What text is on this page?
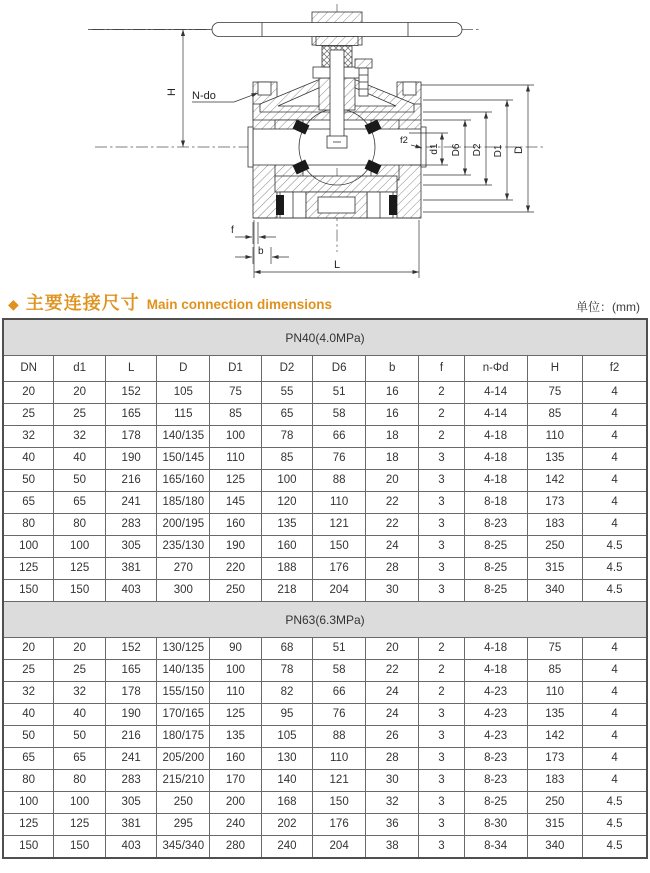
H N-do
f2
d1 D6 D2 D1 D
f
b
L
◆ 主要连接尺寸 Main connection dimensions	单位：(mm)
PN40(4.0MPa)											
DN	d1	L	D	D1	D2	D6	b	f	n-Φd	H	f2
20	20	152	105	75	55	51	16	2	4-14	75	4
25	25	165	115	85	65	58	16	2	4-14	85	4
32	32	178	140/135	100	78	66	18	2	4-18	110	4
40	40	190	150/145	110	85	76	18	3	4-18	135	4
50	50	216	165/160	125	100	88	20	3	4-18	142	4
65	65	241	185/180	145	120	110	22	3	8-18	173	4
80	80	283	200/195	160	135	121	22	3	8-23	183	4
100	100	305	235/130	190	160	150	24	3	8-25	250	4.5
125	125	381	270	220	188	176	28	3	8-25	315	4.5
150	150	403	300	250	218	204	30	3	8-25	340	4.5
PN63(6.3MPa)											
20	20	152	130/125	90	68	51	20	2	4-18	75	4
25	25	165	140/135	100	78	58	22	2	4-18	85	4
32	32	178	155/150	110	82	66	24	2	4-23	110	4
40	40	190	170/165	125	95	76	24	3	4-23	135	4
50	50	216	180/175	135	105	88	26	3	4-23	142	4
65	65	241	205/200	160	130	110	28	3	8-23	173	4
80	80	283	215/210	170	140	121	30	3	8-23	183	4
100	100	305	250	200	168	150	32	3	8-25	250	4.5
125	125	381	295	240	202	176	36	3	8-30	315	4.5
150	150	403	345/340	280	240	204	38	3	8-34	340	4.5
